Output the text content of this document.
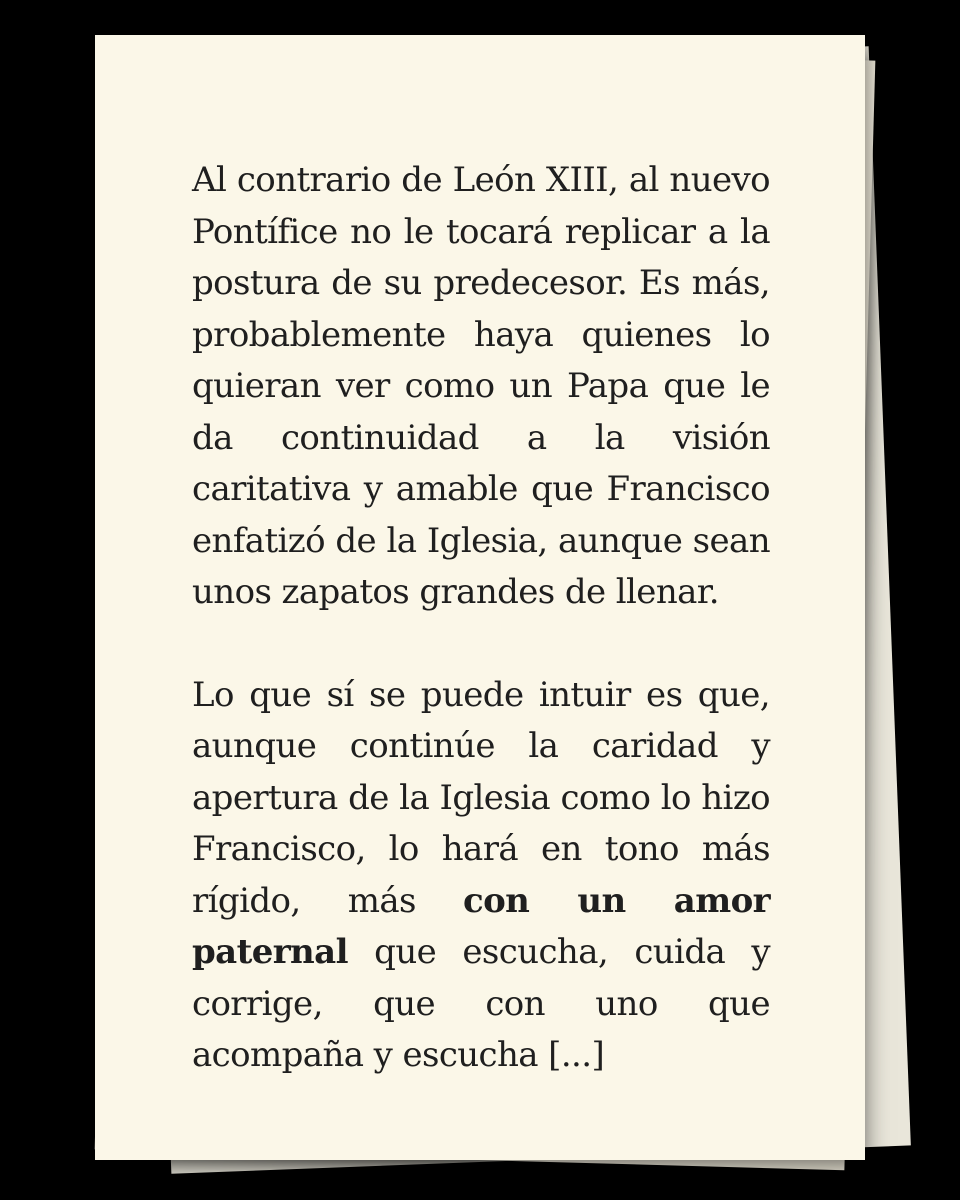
Al contrario de León XIII, al nuevo Pontífice no le tocará replicar a la postura de su predecesor. Es más, probablemente haya quienes lo quieran ver como un Papa que le da continuidad a la visión caritativa y amable que Francisco enfatizó de la Iglesia, aunque sean unos zapatos grandes de llenar.

Lo que sí se puede intuir es que, aunque continúe la caridad y apertura de la Iglesia como lo hizo Francisco, lo hará en tono más rígido, más con un amor paternal que escucha, cuida y corrige, que con uno que acompaña y escucha [...]
